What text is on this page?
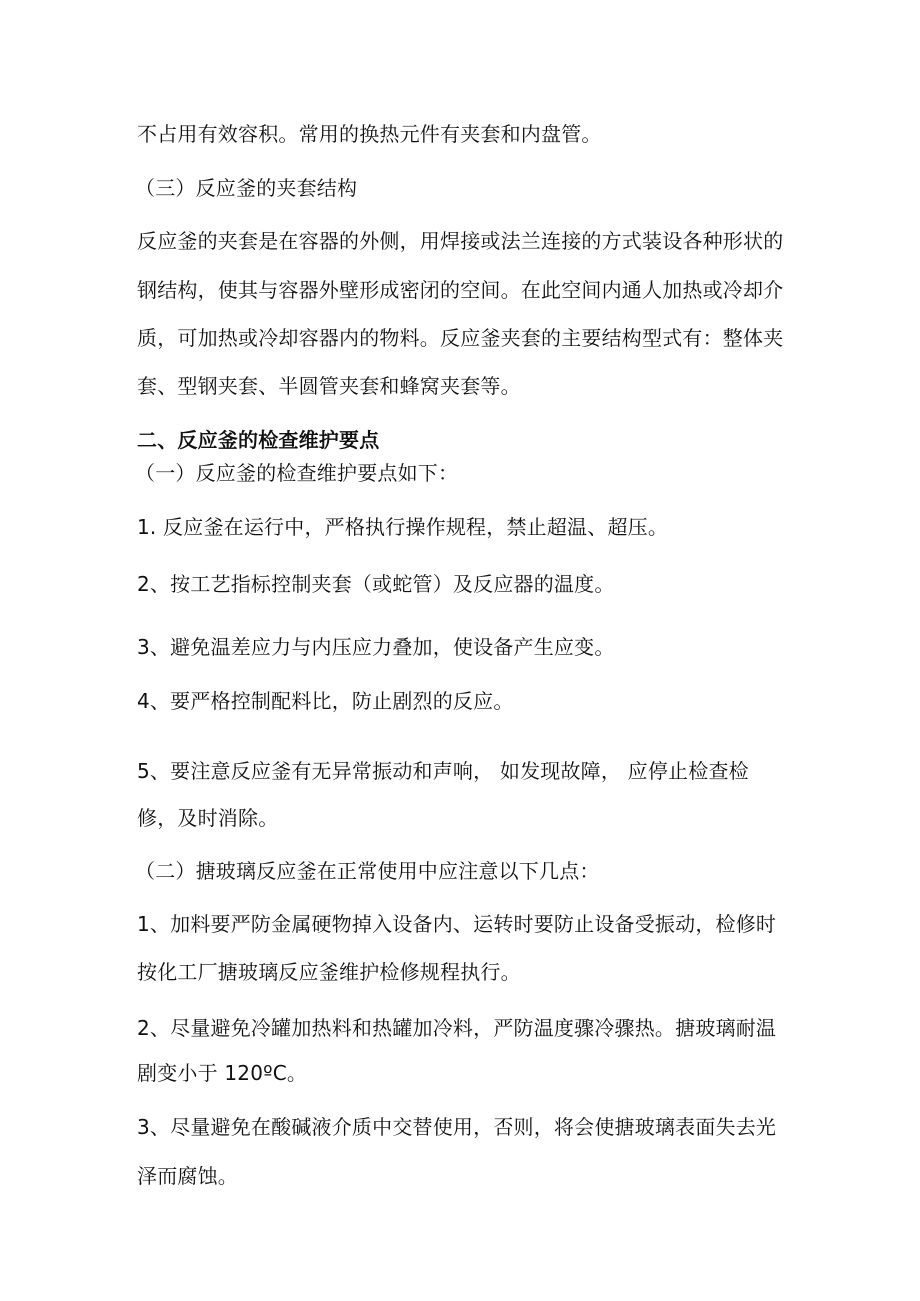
不占用有效容积。常用的换热元件有夹套和内盘管。
（三）反应釜的夹套结构
反应釜的夹套是在容器的外侧，用焊接或法兰连接的方式装设各种形状的
钢结构，使其与容器外壁形成密闭的空间。在此空间内通人加热或冷却介
质，可加热或冷却容器内的物料。反应釜夹套的主要结构型式有：整体夹
套、型钢夹套、半圆管夹套和蜂窝夹套等。
二、反应釜的检查维护要点
（一）反应釜的检查维护要点如下：
1. 反应釜在运行中，严格执行操作规程，禁止超温、超压。
2、按工艺指标控制夹套（或蛇管）及反应器的温度。
3、避免温差应力与内压应力叠加，使设备产生应变。
4、要严格控制配料比，防止剧烈的反应。
5、要注意反应釜有无异常振动和声响， 如发现故障， 应停止检查检
修，及时消除。
（二）搪玻璃反应釜在正常使用中应注意以下几点：
1、加料要严防金属硬物掉入设备内、运转时要防止设备受振动，检修时
按化工厂搪玻璃反应釜维护检修规程执行。
2、尽量避免冷罐加热料和热罐加冷料，严防温度骤冷骤热。搪玻璃耐温
剧变小于 120ºC。
3、尽量避免在酸碱液介质中交替使用，否则，将会使搪玻璃表面失去光
泽而腐蚀。
